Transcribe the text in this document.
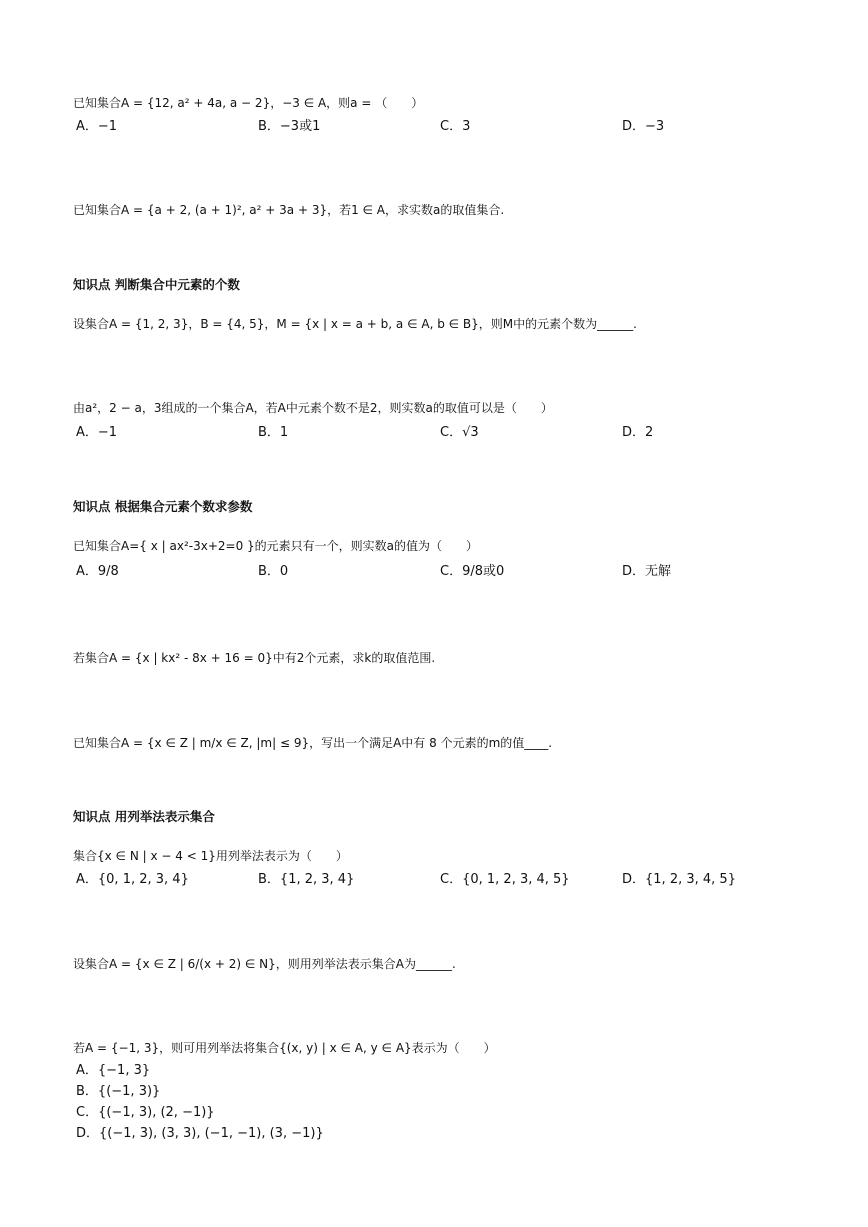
已知集合A = {12, a² + 4a, a − 2}，−3 ∈ A，则a = （　　）
A．−1	B．−3或1	C．3	D．−3
已知集合A = {a + 2, (a + 1)², a² + 3a + 3}，若1 ∈ A，求实数a的取值集合.
知识点 判断集合中元素的个数
设集合A = {1, 2, 3}，B = {4, 5}，M = {x | x = a + b, a ∈ A, b ∈ B}，则M中的元素个数为______.
由a²，2 − a，3组成的一个集合A，若A中元素个数不是2，则实数a的取值可以是（　　）
A．−1	B．1	C．√3	D．2
知识点 根据集合元素个数求参数
已知集合A={ x | ax²-3x+2=0 }的元素只有一个，则实数a的值为（　　）
A．9/8	B．0	C．9/8或0	D．无解
若集合A = {x | kx² - 8x + 16 = 0}中有2个元素，求k的取值范围.
已知集合A = {x ∈ Z | m/x ∈ Z, |m| ≤ 9}，写出一个满足A中有 8 个元素的m的值____.
知识点 用列举法表示集合
集合{x ∈ N | x − 4 < 1}用列举法表示为（　　）
A．{0, 1, 2, 3, 4}	B．{1, 2, 3, 4}	C．{0, 1, 2, 3, 4, 5}	D．{1, 2, 3, 4, 5}
设集合A = {x ∈ Z | 6/(x + 2) ∈ N}，则用列举法表示集合A为______.
若A = {−1, 3}，则可用列举法将集合{(x, y) | x ∈ A, y ∈ A}表示为（　　）
A．{−1, 3}
B．{(−1, 3)}
C．{(−1, 3), (2, −1)}
D．{(−1, 3), (3, 3), (−1, −1), (3, −1)}
